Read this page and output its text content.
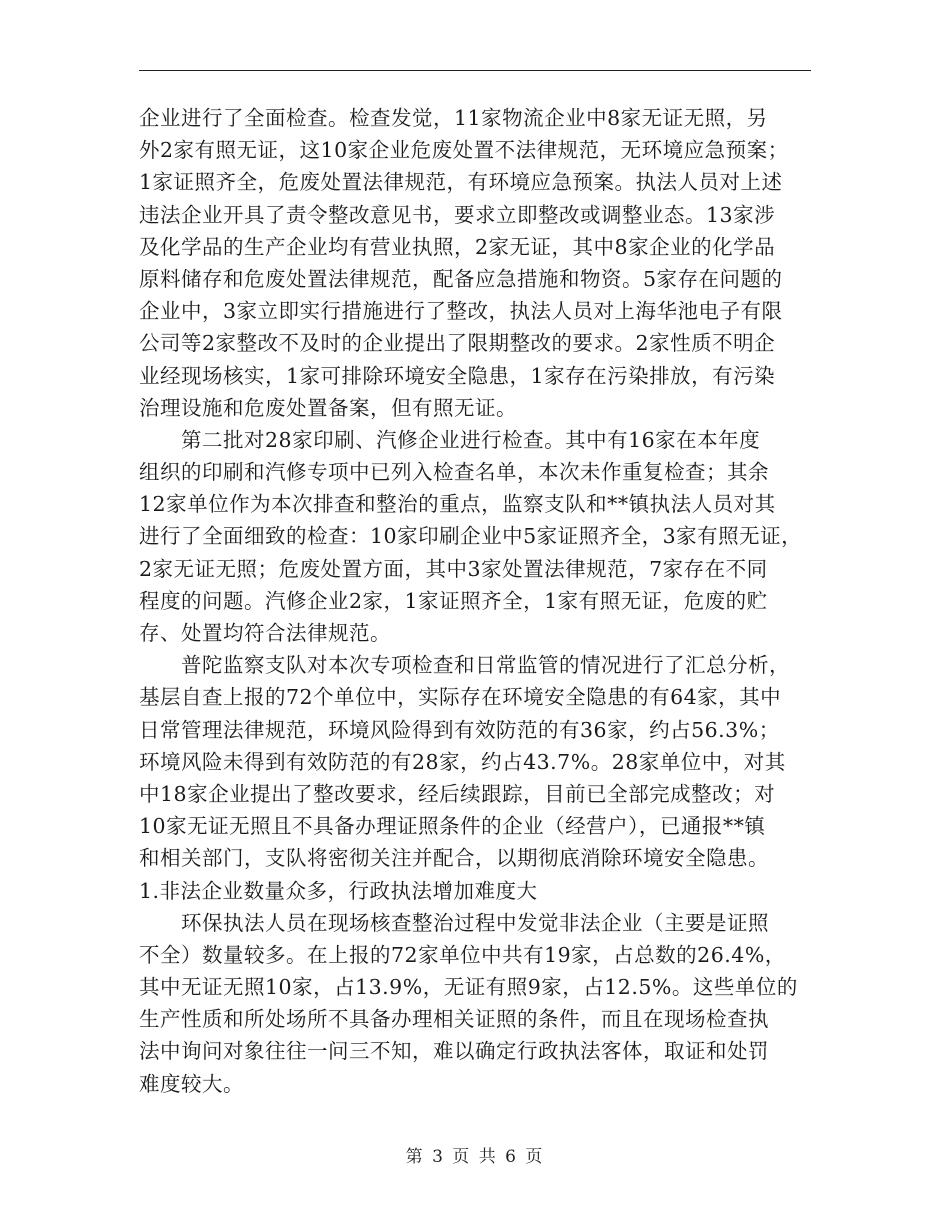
企业进行了全面检查。检查发觉，11家物流企业中8家无证无照，另
外2家有照无证，这10家企业危废处置不法律规范，无环境应急预案；
1家证照齐全，危废处置法律规范，有环境应急预案。执法人员对上述
违法企业开具了责令整改意见书，要求立即整改或调整业态。13家涉
及化学品的生产企业均有营业执照，2家无证，其中8家企业的化学品
原料储存和危废处置法律规范，配备应急措施和物资。5家存在问题的
企业中，3家立即实行措施进行了整改，执法人员对上海华池电子有限
公司等2家整改不及时的企业提出了限期整改的要求。2家性质不明企
业经现场核实，1家可排除环境安全隐患，1家存在污染排放，有污染
治理设施和危废处置备案，但有照无证。
　　第二批对28家印刷、汽修企业进行检查。其中有16家在本年度
组织的印刷和汽修专项中已列入检查名单，本次未作重复检查；其余
12家单位作为本次排查和整治的重点，监察支队和**镇执法人员对其
进行了全面细致的检查：10家印刷企业中5家证照齐全，3家有照无证，
2家无证无照；危废处置方面，其中3家处置法律规范，7家存在不同
程度的问题。汽修企业2家，1家证照齐全，1家有照无证，危废的贮
存、处置均符合法律规范。
　　普陀监察支队对本次专项检查和日常监管的情况进行了汇总分析，
基层自查上报的72个单位中，实际存在环境安全隐患的有64家，其中
日常管理法律规范，环境风险得到有效防范的有36家，约占56.3%；
环境风险未得到有效防范的有28家，约占43.7%。28家单位中，对其
中18家企业提出了整改要求，经后续跟踪，目前已全部完成整改；对
10家无证无照且不具备办理证照条件的企业（经营户），已通报**镇
和相关部门，支队将密彻关注并配合，以期彻底消除环境安全隐患。
1.非法企业数量众多，行政执法增加难度大
　　环保执法人员在现场核查整治过程中发觉非法企业（主要是证照
不全）数量较多。在上报的72家单位中共有19家，占总数的26.4%，
其中无证无照10家，占13.9%，无证有照9家，占12.5%。这些单位的
生产性质和所处场所不具备办理相关证照的条件，而且在现场检查执
法中询问对象往往一问三不知，难以确定行政执法客体，取证和处罚
难度较大。
第 3 页 共 6 页
